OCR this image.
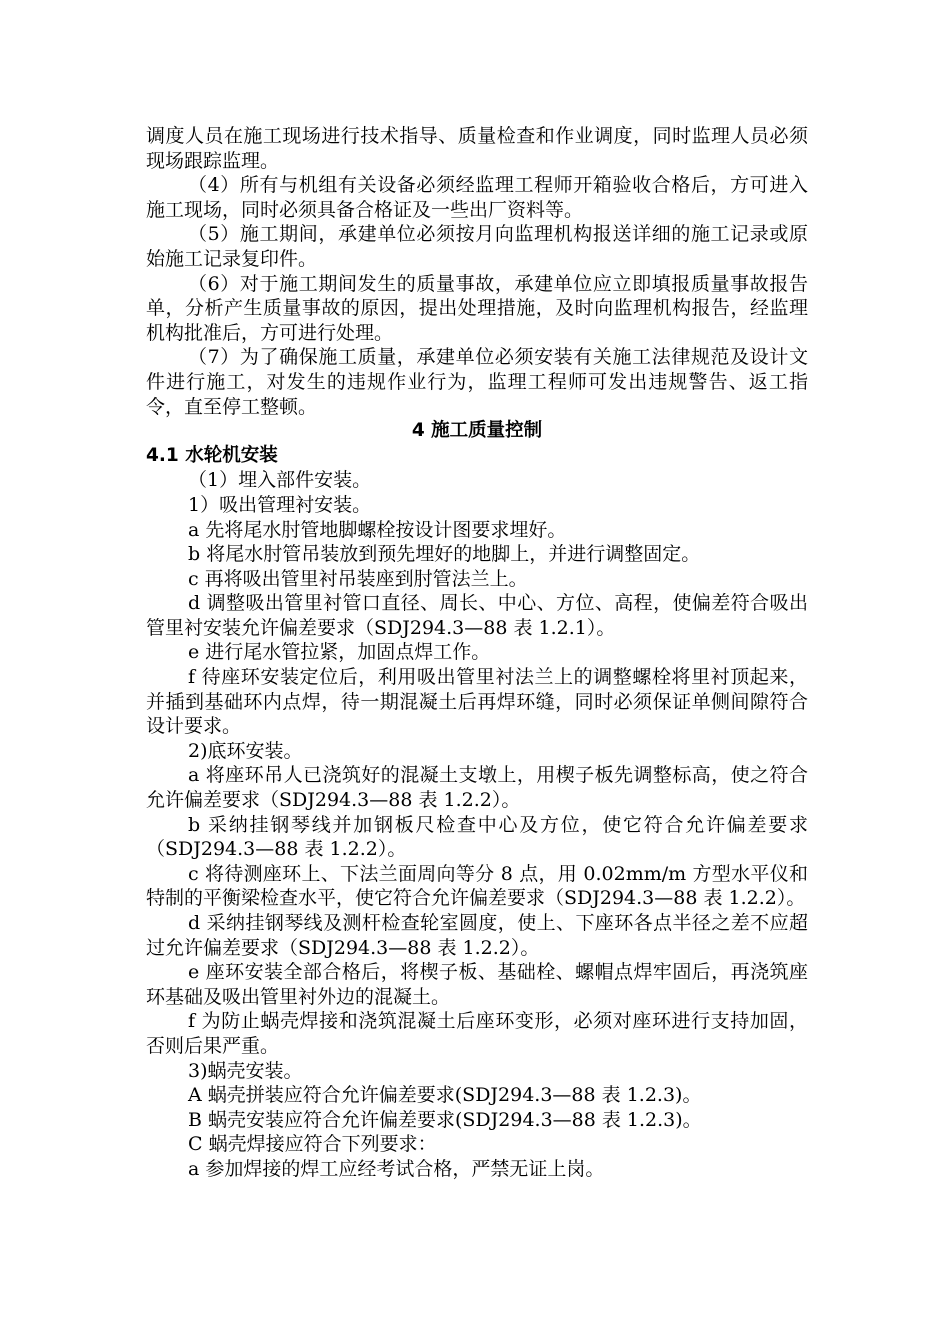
调度人员在施工现场进行技术指导、质量检查和作业调度，同时监理人员必须现场跟踪监理。

（4）所有与机组有关设备必须经监理工程师开箱验收合格后，方可进入施工现场，同时必须具备合格证及一些出厂资料等。

（5）施工期间，承建单位必须按月向监理机构报送详细的施工记录或原始施工记录复印件。

（6）对于施工期间发生的质量事故，承建单位应立即填报质量事故报告单，分析产生质量事故的原因，提出处理措施，及时向监理机构报告，经监理机构批准后，方可进行处理。

（7）为了确保施工质量，承建单位必须安装有关施工法律规范及设计文件进行施工，对发生的违规作业行为，监理工程师可发出违规警告、返工指令，直至停工整顿。

4 施工质量控制

4.1 水轮机安装

（1）埋入部件安装。

1）吸出管理衬安装。

a 先将尾水肘管地脚螺栓按设计图要求埋好。

b 将尾水肘管吊装放到预先埋好的地脚上，并进行调整固定。

c 再将吸出管里衬吊装座到肘管法兰上。

d 调整吸出管里衬管口直径、周长、中心、方位、高程，使偏差符合吸出管里衬安装允许偏差要求（SDJ294.3—88 表 1.2.1）。

e 进行尾水管拉紧，加固点焊工作。

f 待座环安装定位后，利用吸出管里衬法兰上的调整螺栓将里衬顶起来，并插到基础环内点焊，待一期混凝土后再焊环缝，同时必须保证单侧间隙符合设计要求。

2)底环安装。

a 将座环吊人已浇筑好的混凝土支墩上，用楔子板先调整标高，使之符合允许偏差要求（SDJ294.3—88 表 1.2.2）。

b 采纳挂钢琴线并加钢板尺检查中心及方位，使它符合允许偏差要求（SDJ294.3—88 表 1.2.2）。

c 将待测座环上、下法兰面周向等分 8 点，用 0.02mm/m 方型水平仪和特制的平衡梁检查水平，使它符合允许偏差要求（SDJ294.3—88 表 1.2.2）。

d 采纳挂钢琴线及测杆检查轮室圆度，使上、下座环各点半径之差不应超过允许偏差要求（SDJ294.3—88 表 1.2.2）。

e 座环安装全部合格后，将楔子板、基础栓、螺帽点焊牢固后，再浇筑座环基础及吸出管里衬外边的混凝土。

f 为防止蜗壳焊接和浇筑混凝土后座环变形，必须对座环进行支持加固，否则后果严重。

3)蜗壳安装。

A 蜗壳拼装应符合允许偏差要求(SDJ294.3—88 表 1.2.3)。

B 蜗壳安装应符合允许偏差要求(SDJ294.3—88 表 1.2.3)。

C 蜗壳焊接应符合下列要求：

a 参加焊接的焊工应经考试合格，严禁无证上岗。
